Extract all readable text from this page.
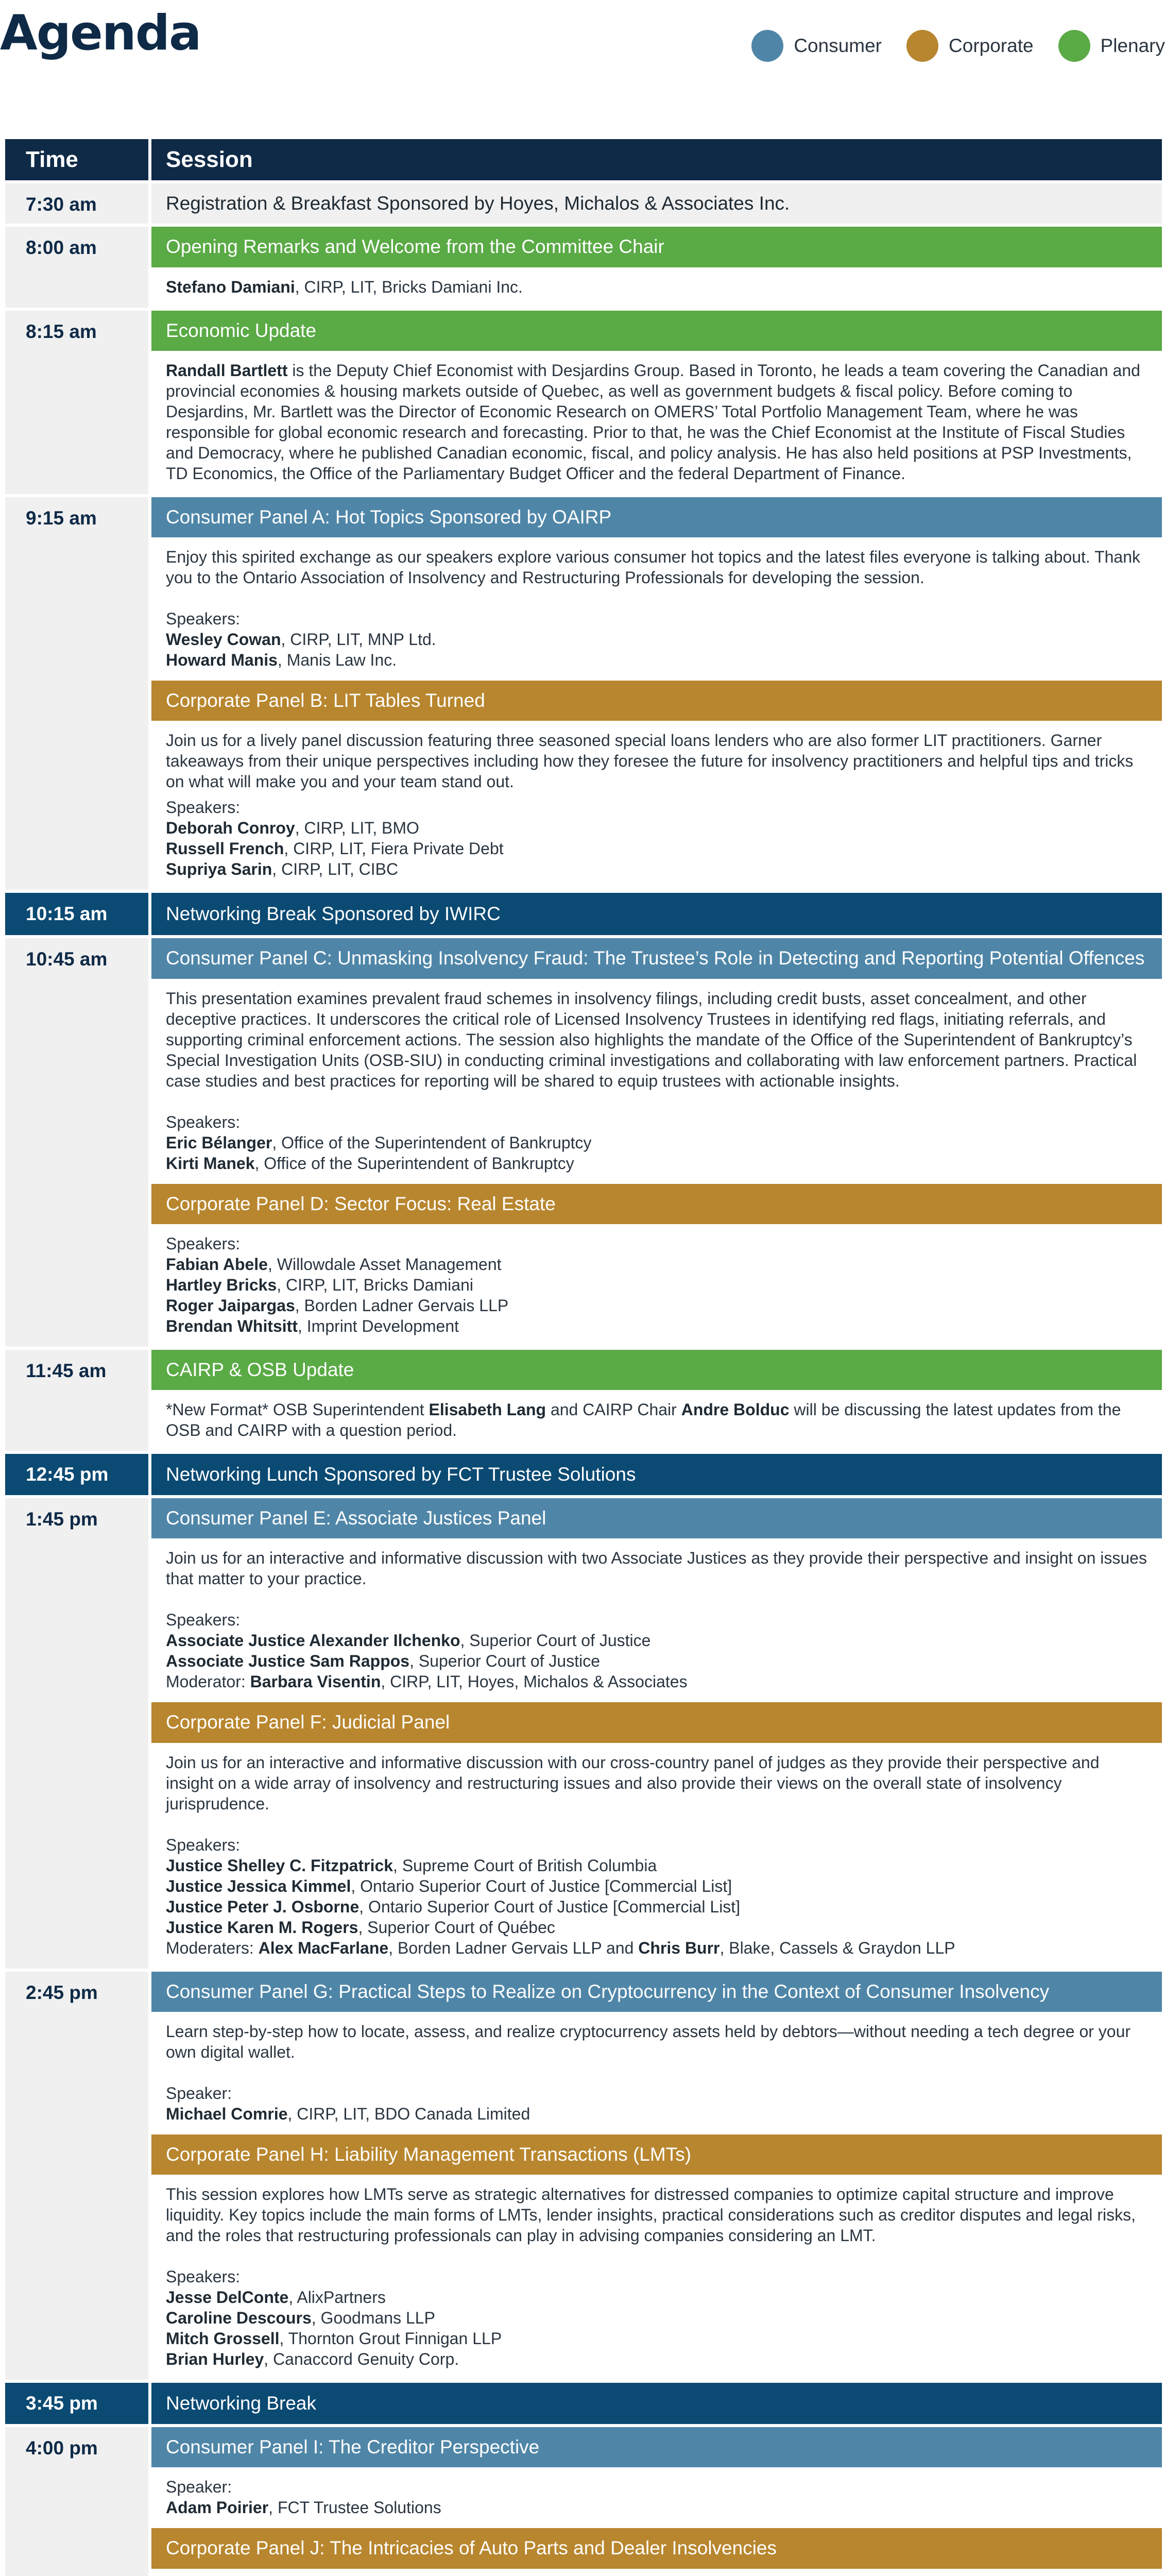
Agenda	Consumer	Corporate	Plenary
Time	Session
7:30 am	Registration & Breakfast Sponsored by Hoyes, Michalos & Associates Inc.
8:00 am	Opening Remarks and Welcome from the Committee Chair
Stefano Damiani, CIRP, LIT, Bricks Damiani Inc.
8:15 am	Economic Update
Randall Bartlett is the Deputy Chief Economist with Desjardins Group. Based in Toronto, he leads a team covering the Canadian and provincial economies & housing markets outside of Quebec, as well as government budgets & fiscal policy. Before coming to Desjardins, Mr. Bartlett was the Director of Economic Research on OMERS’ Total Portfolio Management Team, where he was responsible for global economic research and forecasting. Prior to that, he was the Chief Economist at the Institute of Fiscal Studies and Democracy, where he published Canadian economic, fiscal, and policy analysis. He has also held positions at PSP Investments, TD Economics, the Office of the Parliamentary Budget Officer and the federal Department of Finance.
9:15 am	Consumer Panel A: Hot Topics Sponsored by OAIRP

Enjoy this spirited exchange as our speakers explore various consumer hot topics and the latest files everyone is talking about. Thank you to the Ontario Association of Insolvency and Restructuring Professionals for developing the session.

Speakers:
Wesley Cowan, CIRP, LIT, MNP Ltd.
Howard Manis, Manis Law Inc.

Corporate Panel B: LIT Tables Turned

Join us for a lively panel discussion featuring three seasoned special loans lenders who are also former LIT practitioners. Garner takeaways from their unique perspectives including how they foresee the future for insolvency practitioners and helpful tips and tricks on what will make you and your team stand out.

Speakers:
Deborah Conroy, CIRP, LIT, BMO
Russell French, CIRP, LIT, Fiera Private Debt
Supriya Sarin, CIRP, LIT, CIBC

10:15 am	Networking Break Sponsored by IWIRC
10:45 am	Consumer Panel C: Unmasking Insolvency Fraud: The Trustee’s Role in Detecting and Reporting Potential Offences

This presentation examines prevalent fraud schemes in insolvency filings, including credit busts, asset concealment, and other deceptive practices. It underscores the critical role of Licensed Insolvency Trustees in identifying red flags, initiating referrals, and supporting criminal enforcement actions. The session also highlights the mandate of the Office of the Superintendent of Bankruptcy’s Special Investigation Units (OSB-SIU) in conducting criminal investigations and collaborating with law enforcement partners. Practical case studies and best practices for reporting will be shared to equip trustees with actionable insights.

Speakers:
Eric Bélanger, Office of the Superintendent of Bankruptcy
Kirti Manek, Office of the Superintendent of Bankruptcy

Corporate Panel D: Sector Focus: Real Estate

Speakers:
Fabian Abele, Willowdale Asset Management
Hartley Bricks, CIRP, LIT, Bricks Damiani
Roger Jaipargas, Borden Ladner Gervais LLP
Brendan Whitsitt, Imprint Development

11:45 am	CAIRP & OSB Update
*New Format* OSB Superintendent Elisabeth Lang and CAIRP Chair Andre Bolduc will be discussing the latest updates from the OSB and CAIRP with a question period.
12:45 pm	Networking Lunch Sponsored by FCT Trustee Solutions
1:45 pm	Consumer Panel E: Associate Justices Panel

Join us for an interactive and informative discussion with two Associate Justices as they provide their perspective and insight on issues that matter to your practice.

Speakers:
Associate Justice Alexander Ilchenko, Superior Court of Justice
Associate Justice Sam Rappos, Superior Court of Justice
Moderator: Barbara Visentin, CIRP, LIT, Hoyes, Michalos & Associates

Corporate Panel F: Judicial Panel

Join us for an interactive and informative discussion with our cross-country panel of judges as they provide their perspective and insight on a wide array of insolvency and restructuring issues and also provide their views on the overall state of insolvency jurisprudence.

Speakers:
Justice Shelley C. Fitzpatrick, Supreme Court of British Columbia
Justice Jessica Kimmel, Ontario Superior Court of Justice [Commercial List]
Justice Peter J. Osborne, Ontario Superior Court of Justice [Commercial List]
Justice Karen M. Rogers, Superior Court of Québec
Moderaters: Alex MacFarlane, Borden Ladner Gervais LLP and Chris Burr, Blake, Cassels & Graydon LLP

2:45 pm	Consumer Panel G: Practical Steps to Realize on Cryptocurrency in the Context of Consumer Insolvency

Learn step-by-step how to locate, assess, and realize cryptocurrency assets held by debtors—without needing a tech degree or your own digital wallet.

Speaker:
Michael Comrie, CIRP, LIT, BDO Canada Limited

Corporate Panel H: Liability Management Transactions (LMTs)

This session explores how LMTs serve as strategic alternatives for distressed companies to optimize capital structure and improve liquidity. Key topics include the main forms of LMTs, lender insights, practical considerations such as creditor disputes and legal risks, and the roles that restructuring professionals can play in advising companies considering an LMT.

Speakers:
Jesse DelConte, AlixPartners
Caroline Descours, Goodmans LLP
Mitch Grossell, Thornton Grout Finnigan LLP
Brian Hurley, Canaccord Genuity Corp.

3:45 pm	Networking Break
4:00 pm	Consumer Panel I: The Creditor Perspective

Speaker:
Adam Poirier, FCT Trustee Solutions

Corporate Panel J: The Intricacies of Auto Parts and Dealer Insolvencies
